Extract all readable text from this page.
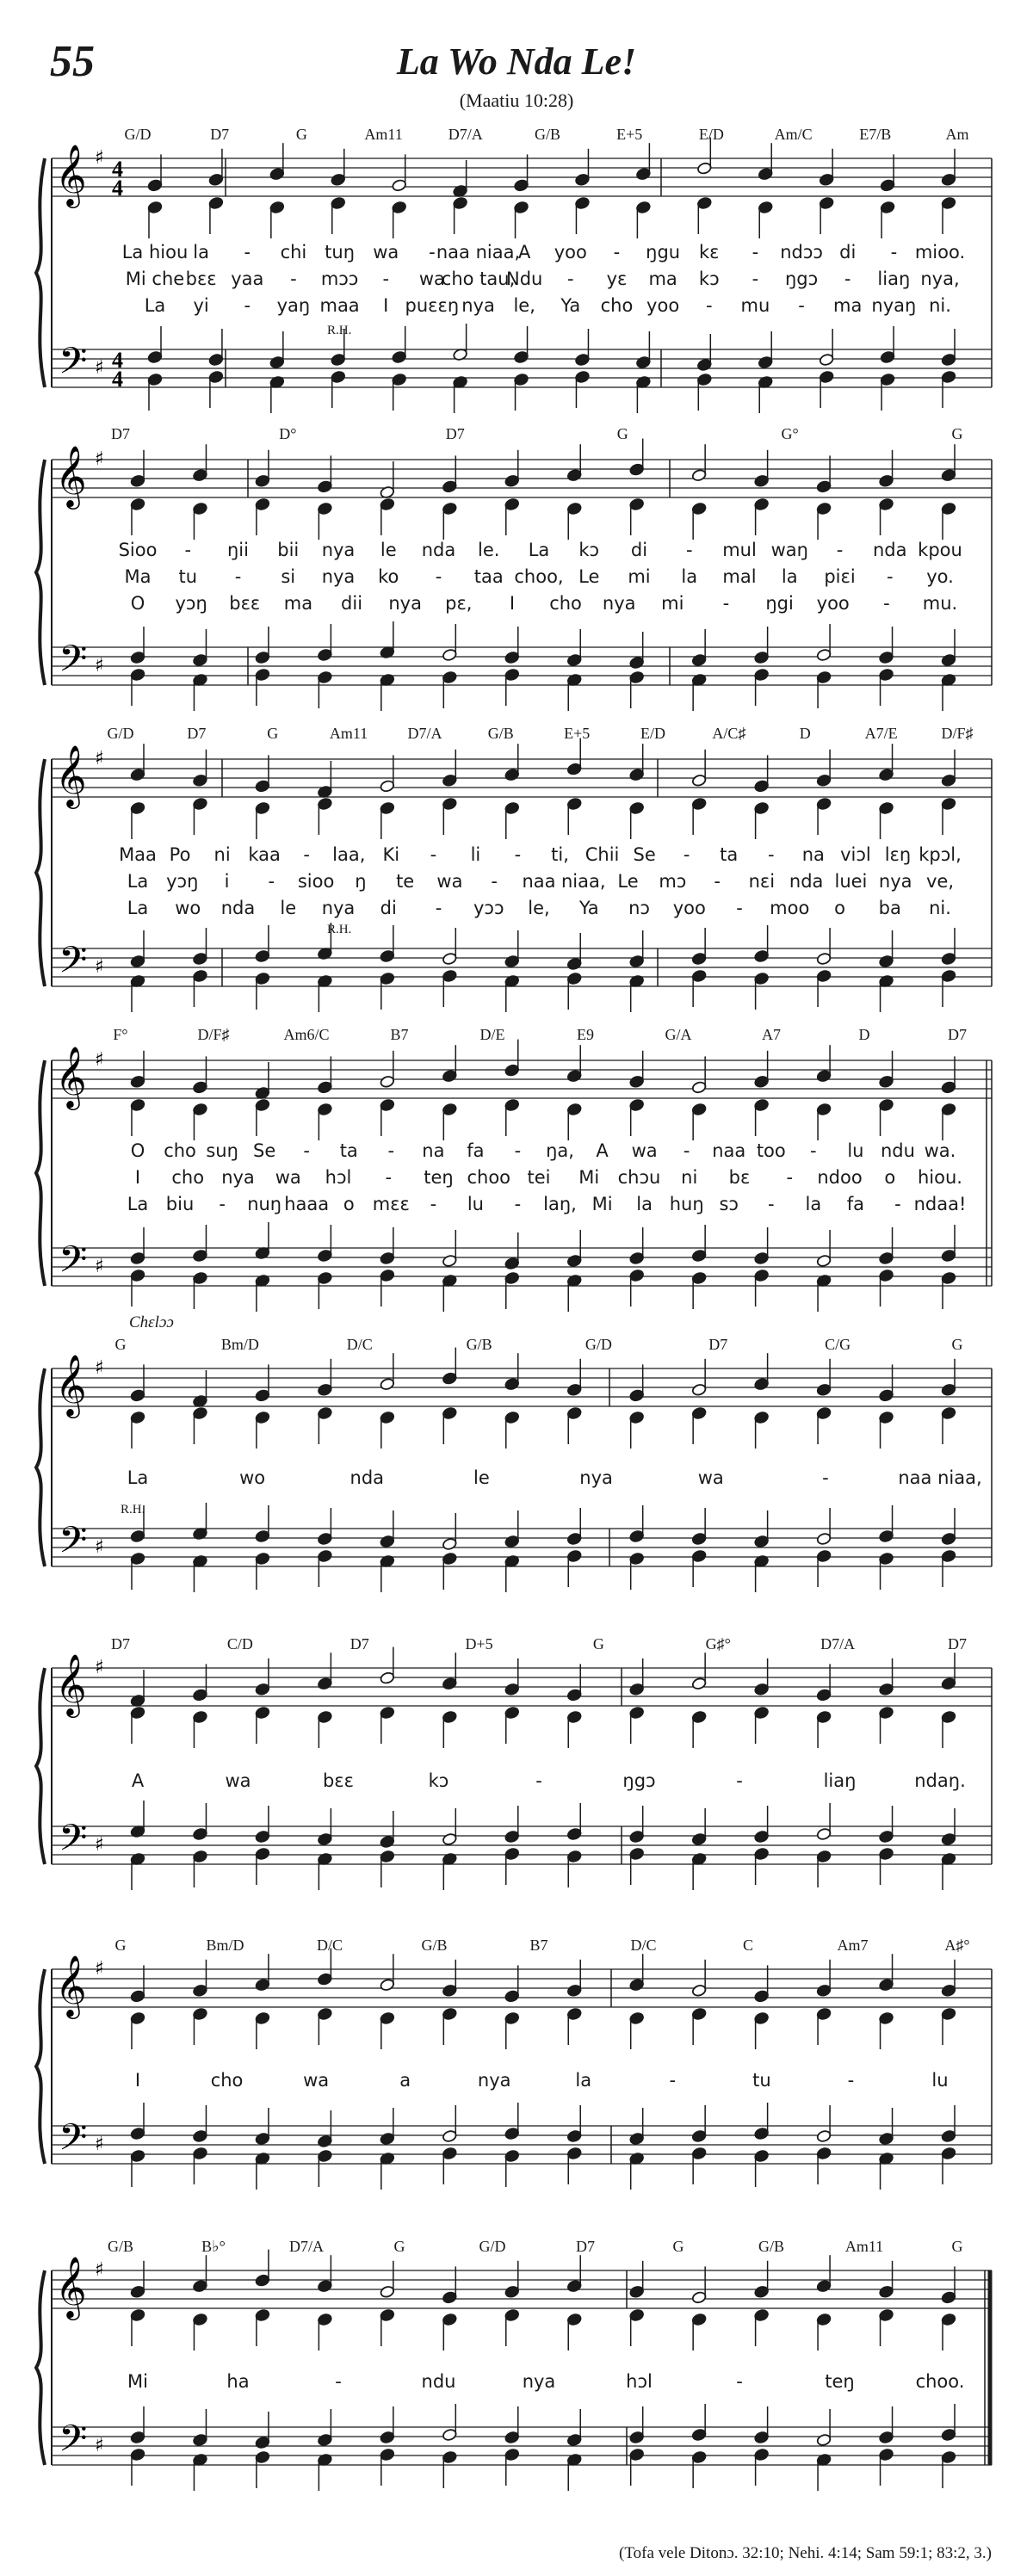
55	La Wo Nda Le!
(Maatiu 10:28)
𝄞
𝄢
♯
♯
4
4
4
4
G/D	D7	G	Am11	D7/A	G/B	E+5	E/D	Am/C	E7/B	Am
R.H.
La hiou la - chi tuŋ wa - naa niaa,
A yoo - ŋgu kɛ - ndɔɔ di - mioo.
Mi che bɛɛ yaa - mɔɔ - wa
cho tau,
Ndu - yɛ ma kɔ - ŋgɔ - liaŋ nya,
La yi - yaŋ maa I puɛɛŋ nya le, Ya cho yoo - mu - ma nyaŋ ni.
𝄞
𝄢
♯
♯
D7	D°	D7	G	G°	G
Sioo - ŋii bii nya le nda le. La kɔ di - mul waŋ - nda kpou
Ma tu - si nya ko - taa choo, Le mi la mal la piɛi - yo.
O yɔŋ bɛɛ ma dii nya pɛ, I cho nya mi - ŋgi yoo - mu.
𝄞
𝄢
♯
♯
G/D	D7	G	Am11	D7/A	G/B	E+5	E/D	A/C♯	D	A7/E	D/F♯
R.H.
Maa Po ni kaa - laa, Ki - li - ti, Chii Se - ta - na viɔl lɛŋ kpɔl,
La yɔŋ i - sioo ŋ te wa - naa niaa, Le mɔ - nɛi nda luei nya ve,
La wo nda le nya di - yɔɔ le, Ya nɔ yoo - moo o ba ni.
𝄞
𝄢
♯
♯
F°	D/F♯	Am6/C	B7	D/E	E9	G/A	A7	D	D7
O cho suŋ Se - ta - na fa - ŋa, A wa - naa too - lu ndu wa.
I cho nya wa hɔl - teŋ choo tei Mi chɔu ni bɛ - ndoo o hiou.
La biu - nuŋ haaa o mɛɛ - lu - laŋ, Mi la huŋ sɔ - la fa - ndaa!
𝄞
𝄢
♯
♯
Chɛlɔɔ
G	Bm/D	D/C	G/B	G/D	D7	C/G	G
R.H.
La	wo	nda	le	nya	wa	-	naa niaa,
𝄞
𝄢
♯
♯
D7	C/D	D7	D+5	G	G♯°	D7/A	D7
A	wa	bɛɛ	kɔ	-	ŋgɔ	-	liaŋ	ndaŋ.
𝄞
𝄢
♯
♯
G	Bm/D	D/C	G/B	B7	D/C	C	Am7	A♯°
I	cho	wa	a	nya	la	-	tu	-	lu
𝄞
𝄢
♯
♯
G/B	B♭°	D7/A	G	G/D	D7	G	G/B	Am11	G
Mi	ha	-	ndu	nya	hɔl	-	teŋ	choo.
(Tofa vele Ditonɔ. 32:10; Nehi. 4:14; Sam 59:1; 83:2, 3.)
